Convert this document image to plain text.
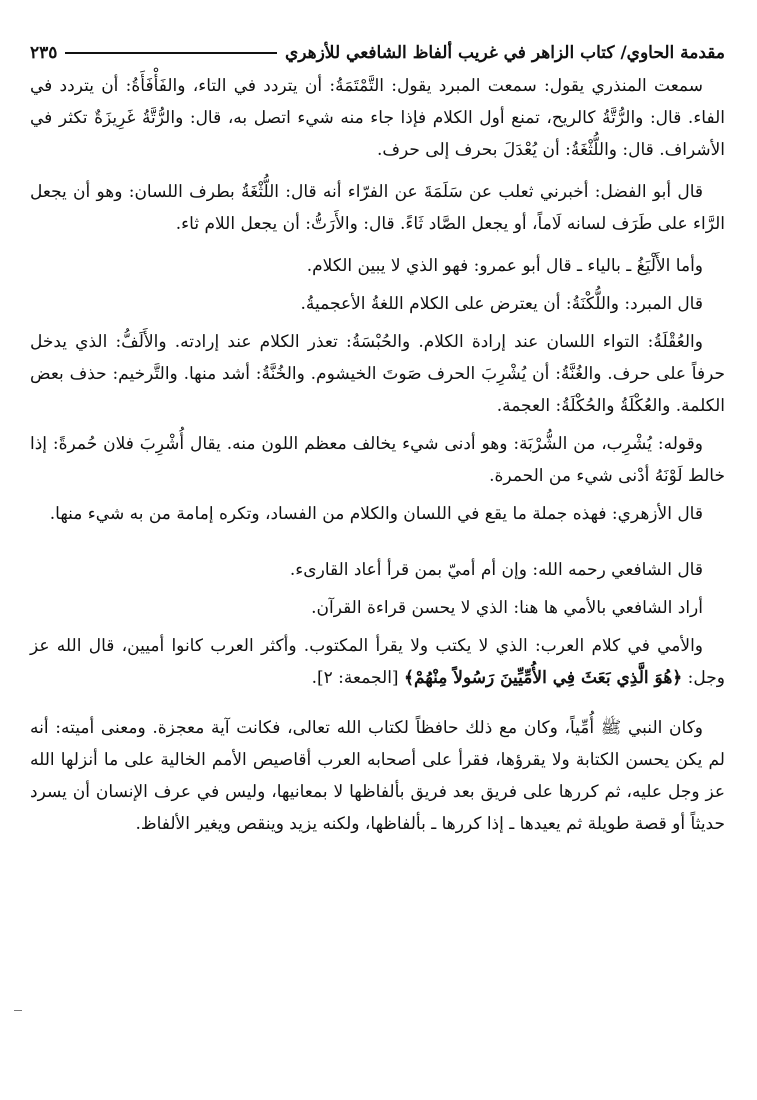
مقدمة الحاوي/ كتاب الزاهر في غريب ألفاظ الشافعي للأزهري
٢٣٥

سمعت المنذري يقول: سمعت المبرد يقول: التَّمْتَمَةُ: أن يتردد في التاء، والفَأْفَأَةُ: أن يتردد في الفاء. قال: والرُّتَّةُ كالريح، تمنع أول الكلام فإذا جاء منه شيء اتصل به، قال: والرُّتَّةُ غَرِيزَةٌ تكثر في الأشراف. قال: واللُّثْغَةُ: أن يُعْدَلَ بحرف إلى حرف.

قال أبو الفضل: أخبرني ثعلب عن سَلَمَةَ عن الفرّاء أنه قال: اللُّثْغَةُ بطرف اللسان: وهو أن يجعل الرَّاء على طَرَف لسانه لَاماً، أو يجعل الصَّاد ثَاءً. قال: والأَرَتُّ: أن يجعل اللام ثاء.

وأما الأَلْيَغُ ـ بالياء ـ قال أبو عمرو: فهو الذي لا يبين الكلام.

قال المبرد: واللُّكْنَةُ: أن يعترض على الكلام اللغةُ الأعجميةُ.

والعُقْلَةُ: التواء اللسان عند إرادة الكلام. والحُبْسَةُ: تعذر الكلام عند إرادته. والأَلَفُّ: الذي يدخل حرفاً على حرف. والغُنَّةُ: أن يُشْرِبَ الحرف صَوتَ الخيشوم. والخُنَّةُ: أشد منها. والتَّرخيم: حذف بعض الكلمة. والعُكْلَةُ والحُكْلَةُ: العجمة.

وقوله: يُشْرِب، من الشُّرْبَة: وهو أدنى شيء يخالف معظم اللون منه. يقال أُشْرِبَ فلان حُمرةً: إذا خالط لَوْنَهُ أدْنى شيء من الحمرة.

قال الأزهري: فهذه جملة ما يقع في اللسان والكلام من الفساد، وتكره إمامة من به شيء منها.

قال الشافعي رحمه الله: وإن أم أميّ بمن قرأ أعاد القارىء.

أراد الشافعي بالأمي ها هنا: الذي لا يحسن قراءة القرآن.

والأمي في كلام العرب: الذي لا يكتب ولا يقرأ المكتوب. وأكثر العرب كانوا أميين، قال الله عز وجل: ﴿هُوَ الَّذِي بَعَثَ فِي الأُمِّيِّينَ رَسُولاً مِنْهُمْ﴾ [الجمعة: ٢].

وكان النبي ﷺ أُمِّياً، وكان مع ذلك حافظاً لكتاب الله تعالى، فكانت آية معجزة. ومعنى أميته: أنه لم يكن يحسن الكتابة ولا يقرؤها، فقرأ على أصحابه العرب أقاصيص الأمم الخالية على ما أنزلها الله عز وجل عليه، ثم كررها على فريق بعد فريق بألفاظها لا بمعانيها، وليس في عرف الإنسان أن يسرد حديثاً أو قصة طويلة ثم يعيدها ـ إذا كررها ـ بألفاظها، ولكنه يزيد وينقص ويغير الألفاظ.
